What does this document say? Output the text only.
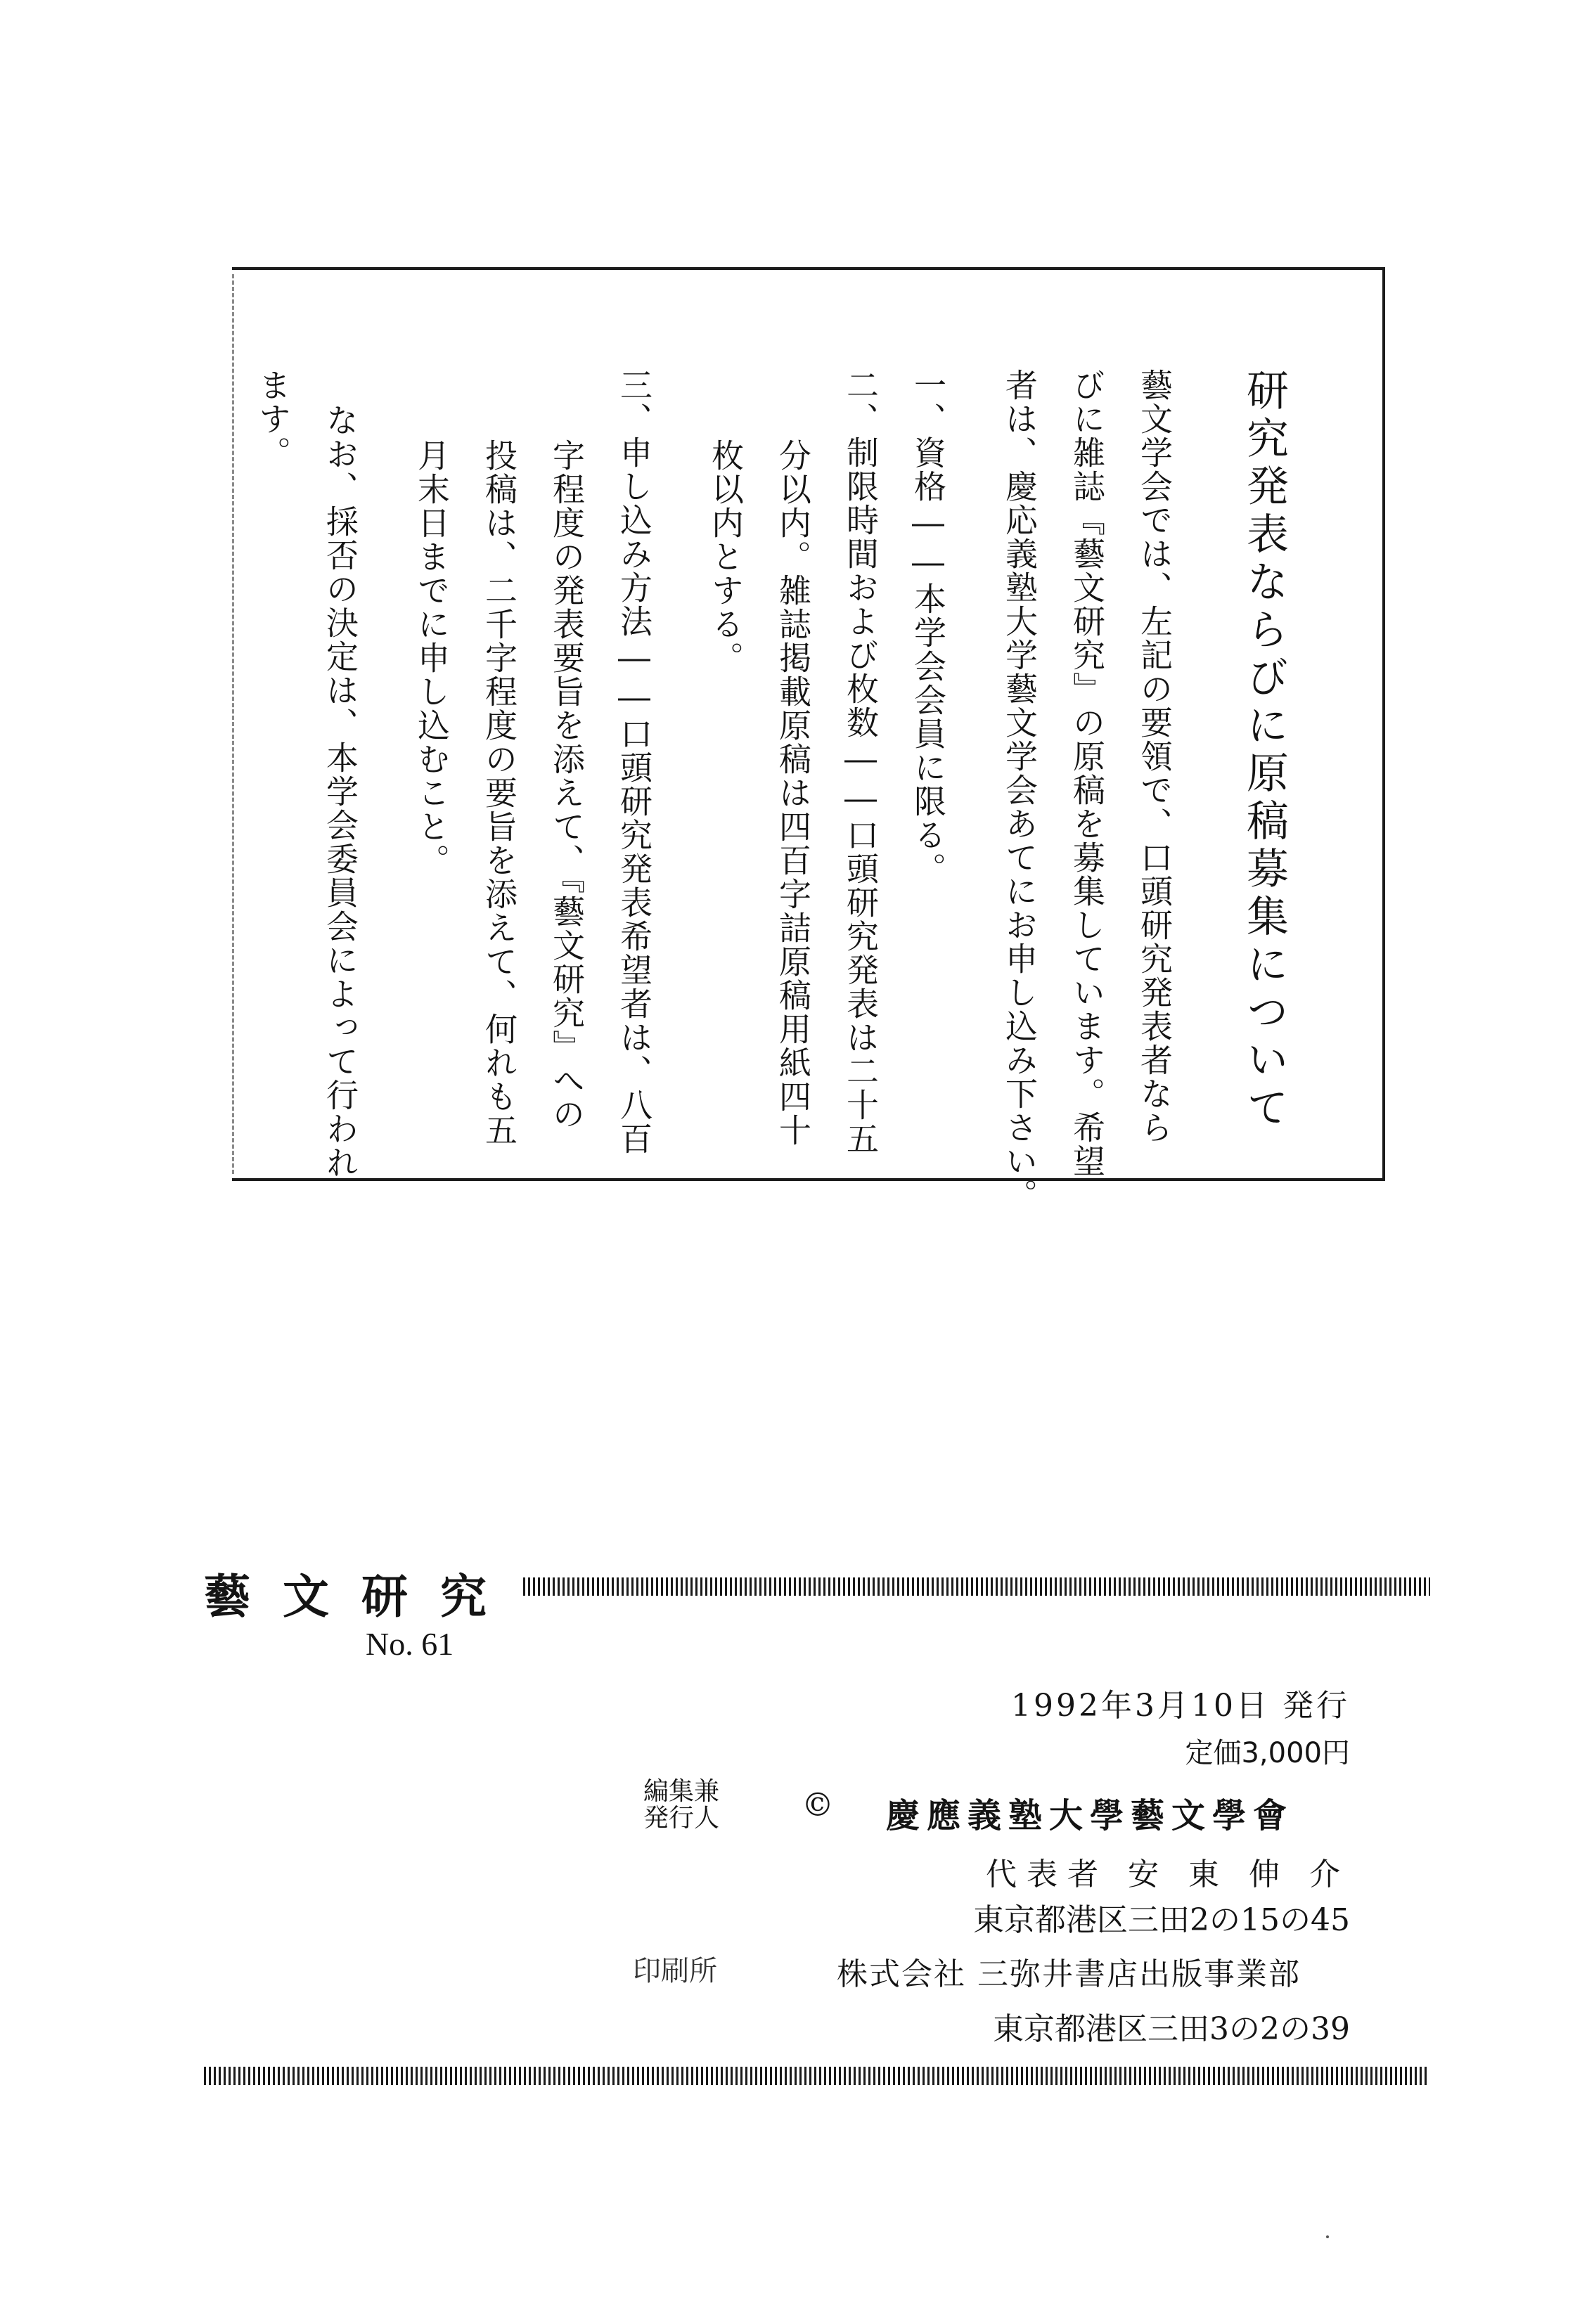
研究発表ならびに原稿募集について
藝文学会では、左記の要領で、口頭研究発表者なら
びに雑誌『藝文研究』の原稿を募集しています。希望
者は、慶応義塾大学藝文学会あてにお申し込み下さい。
一、資格――本学会会員に限る。
二、制限時間および枚数――口頭研究発表は二十五
分以内。雑誌掲載原稿は四百字詰原稿用紙四十
枚以内とする。
三、申し込み方法――口頭研究発表希望者は、八百
字程度の発表要旨を添えて、『藝文研究』への
投稿は、二千字程度の要旨を添えて、何れも五
月末日までに申し込むこと。
なお、採否の決定は、本学会委員会によって行われ
ます。
藝 文 研 究
No. 61
1992年3月10日 発行
定価3,000円
編集兼
発行人	© 慶應義塾大學藝文學會
代表者 安 東 伸 介
東京都港区三田2の15の45
印刷所	株式会社 三弥井書店出版事業部
東京都港区三田3の2の39
